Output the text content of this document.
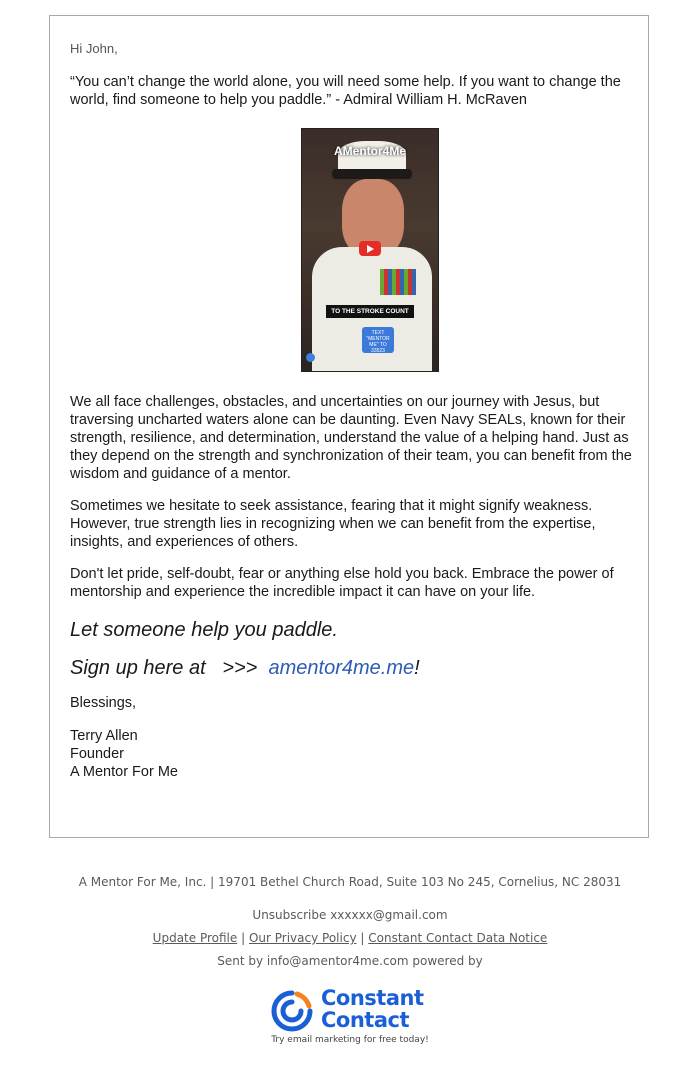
Hi John,

“You can’t change the world alone, you will need some help. If you want to change the world, find someone to help you paddle.” - Admiral William H. McRaven

AMentor4Me
TO THE STROKE COUNT
TEXT "MENTOR ME" TO 33523
@amentor4me

We all face challenges, obstacles, and uncertainties on our journey with Jesus, but traversing uncharted waters alone can be daunting. Even Navy SEALs, known for their strength, resilience, and determination, understand the value of a helping hand. Just as they depend on the strength and synchronization of their team, you can benefit from the wisdom and guidance of a mentor.

Sometimes we hesitate to seek assistance, fearing that it might signify weakness. However, true strength lies in recognizing when we can benefit from the expertise, insights, and experiences of others.

Don't let pride, self-doubt, fear or anything else hold you back. Embrace the power of mentorship and experience the incredible impact it can have on your life.

Let someone help you paddle.
Sign up here at   >>>  amentor4me.me!
Blessings,
Terry Allen
Founder
A Mentor For Me
A Mentor For Me, Inc. | 19701 Bethel Church Road, Suite 103 No 245, Cornelius, NC 28031
Unsubscribe xxxxxx@gmail.com
Update Profile | Our Privacy Policy | Constant Contact Data Notice
Sent by info@amentor4me.com powered by
Constant
Contact
Try email marketing for free today!
